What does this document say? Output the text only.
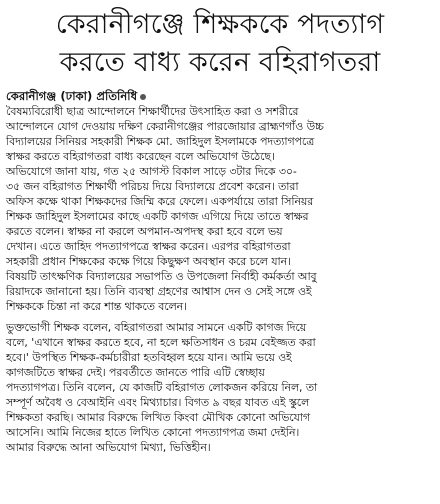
কেরানীগঞ্জে শিক্ষককে পদত্যাগ
করতে বাধ্য করেন বহিরাগতরা
কেরানীগঞ্জ (ঢাকা) প্রতিনিধি
বৈষম্যবিরোধী ছাত্র আন্দোলনে শিক্ষার্থীদের উৎসাহিত করা ও সশরীরে
আন্দোলনে যোগ দেওয়ায় দক্ষিণ কেরানীগঞ্জের পারজোয়ার ব্রাহ্মণগাঁও উচ্চ
বিদ্যালয়ের সিনিয়র সহকারী শিক্ষক মো. জাহিদুল ইসলামকে পদত্যাগপত্রে
স্বাক্ষর করতে বহিরাগতরা বাধ্য করেছেন বলে অভিযোগ উঠেছে।
অভিযোগে জানা যায়, গত ২৫ আগস্ট বিকাল সাড়ে ৩টার দিকে ৩০-
৩৫ জন বহিরাগত শিক্ষার্থী পরিচয় দিয়ে বিদ্যালয়ে প্রবেশ করেন। তারা
অফিস কক্ষে থাকা শিক্ষকদের জিম্মি করে ফেলে। একপর্যায়ে তারা সিনিয়র
শিক্ষক জাহিদুল ইসলামের কাছে একটি কাগজ এগিয়ে দিয়ে তাতে স্বাক্ষর
করতে বলেন। স্বাক্ষর না করলে অপমান-অপদস্থ করা হবে বলে ভয়
দেখান। এতে জাহিদ পদত্যাগপত্রে স্বাক্ষর করেন। এরপর বহিরাগতরা
সহকারী প্রধান শিক্ষকের কক্ষে গিয়ে কিছুক্ষণ অবস্থান করে চলে যান।
বিষয়টি তাৎক্ষণিক বিদ্যালয়ের সভাপতি ও উপজেলা নির্বাহী কর্মকর্তা আবু
রিয়াদকে জানানো হয়। তিনি ব্যবস্থা গ্রহণের আশ্বাস দেন ও সেই সঙ্গে ওই
শিক্ষককে চিন্তা না করে শান্ত থাকতে বলেন।
ভুক্তভোগী শিক্ষক বলেন, বহিরাগতরা আমার সামনে একটি কাগজ দিয়ে
বলে, 'এখানে স্বাক্ষর করতে হবে, না হলে ক্ষতিসাধন ও চরম বেইজ্জত করা
হবে।' উপস্থিত শিক্ষক-কর্মচারীরা হতবিহ্বল হয়ে যান। আমি ভয়ে ওই
কাগজটিতে স্বাক্ষর দেই। পরবর্তীতে জানতে পারি এটি স্বেচ্ছায়
পদত্যাগপত্র। তিনি বলেন, যে কাজটি বহিরাগত লোকজন করিয়ে নিল, তা
সম্পূর্ণ অবৈধ ও বেআইনি এবং মিথ্যাচার। বিগত ৯ বছর যাবত এই স্কুলে
শিক্ষকতা করছি। আমার বিরুদ্ধে লিখিত কিংবা মৌখিক কোনো অভিযোগ
আসেনি। আমি নিজের হাতে লিখিত কোনো পদত্যাগপত্র জমা দেইনি।
আমার বিরুদ্ধে আনা অভিযোগ মিথ্যা, ভিত্তিহীন।
